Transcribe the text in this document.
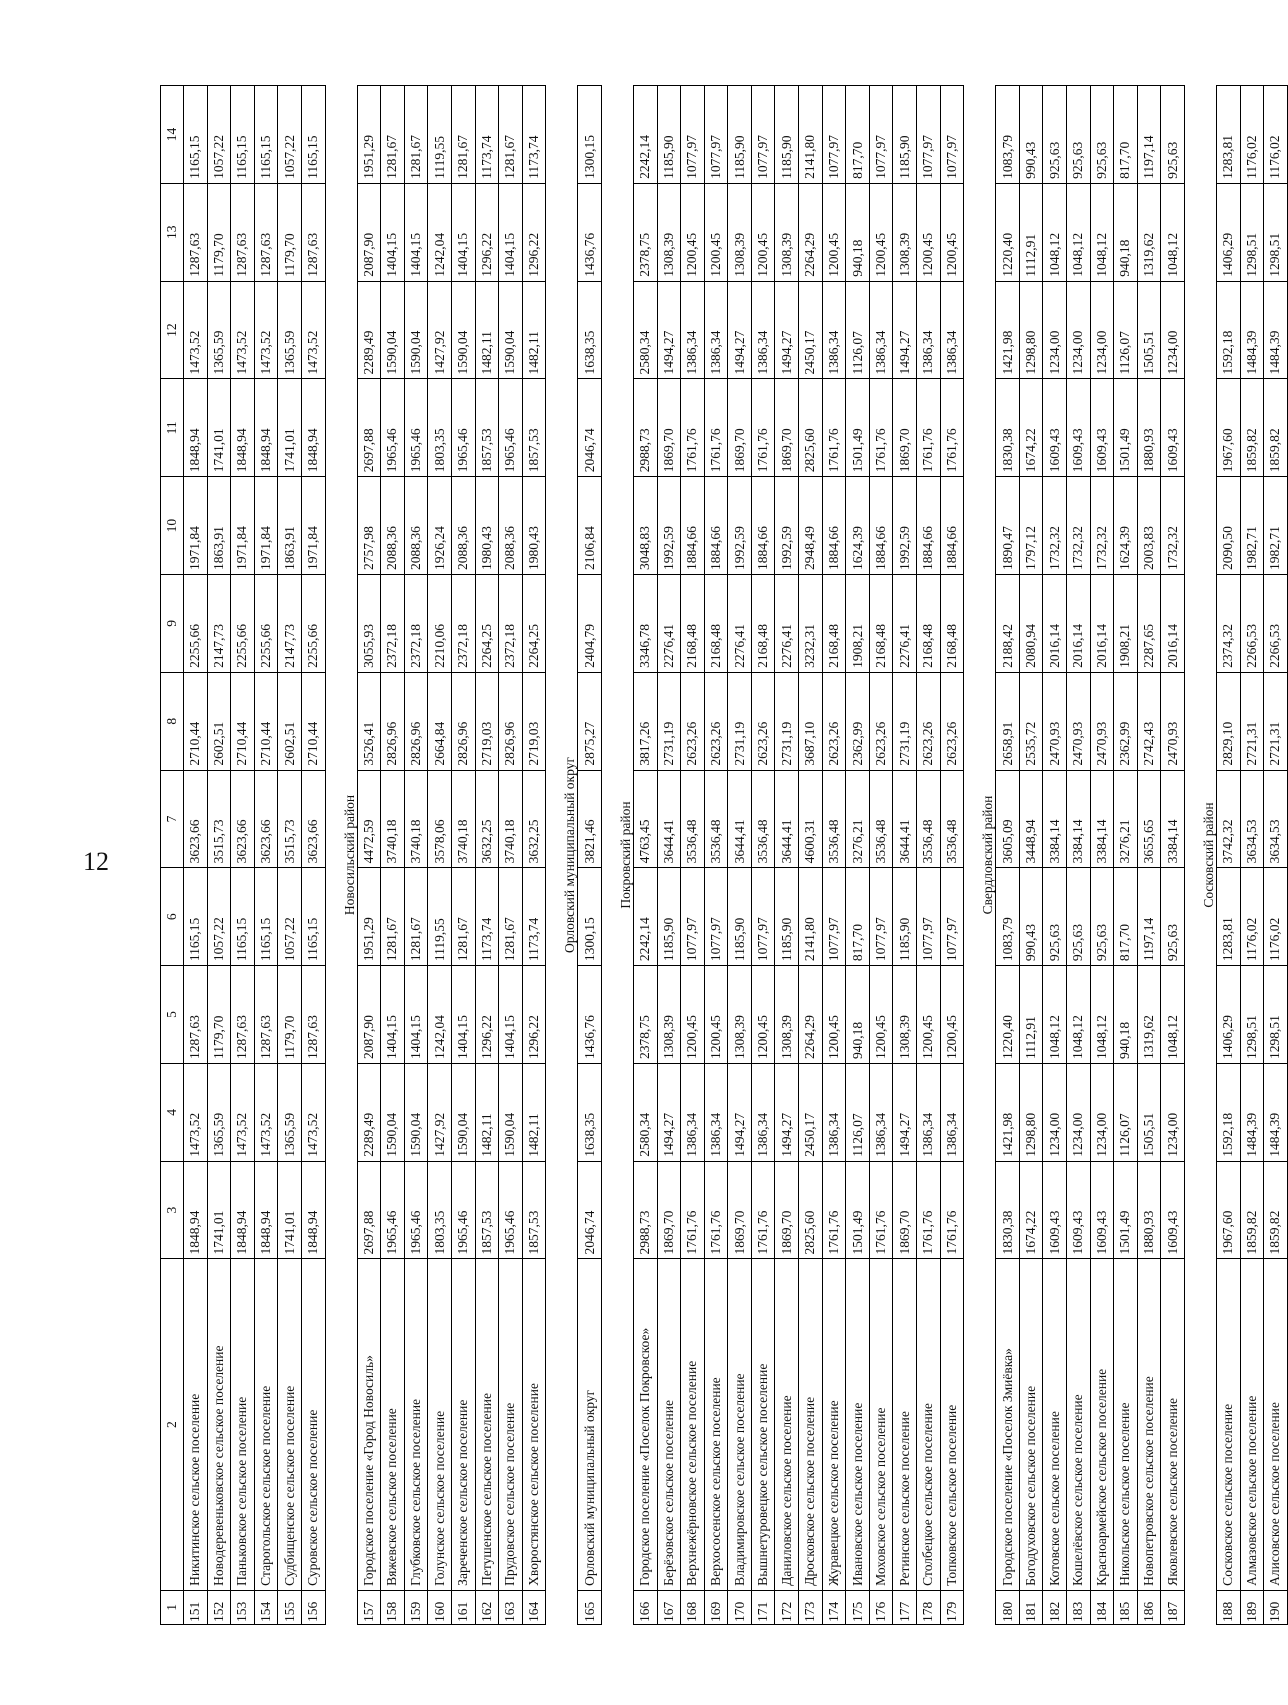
12
1	2	3	4	5	6	7	8	9	10	11	12	13	14
151	Никитинское сельское поселение	1848,94	1473,52	1287,63	1165,15	3623,66	2710,44	2255,66	1971,84	1848,94	1473,52	1287,63	1165,15
152	Новодеревеньковское сельское поселение	1741,01	1365,59	1179,70	1057,22	3515,73	2602,51	2147,73	1863,91	1741,01	1365,59	1179,70	1057,22
153	Паньковское сельское поселение	1848,94	1473,52	1287,63	1165,15	3623,66	2710,44	2255,66	1971,84	1848,94	1473,52	1287,63	1165,15
154	Старогольское сельское поселение	1848,94	1473,52	1287,63	1165,15	3623,66	2710,44	2255,66	1971,84	1848,94	1473,52	1287,63	1165,15
155	Судбищенское сельское поселение	1741,01	1365,59	1179,70	1057,22	3515,73	2602,51	2147,73	1863,91	1741,01	1365,59	1179,70	1057,22
156	Суровское сельское поселение	1848,94	1473,52	1287,63	1165,15	3623,66	2710,44	2255,66	1971,84	1848,94	1473,52	1287,63	1165,15
Новосильский район													
157	Городское поселение «Город Новосиль»	2697,88	2289,49	2087,90	1951,29	4472,59	3526,41	3055,93	2757,98	2697,88	2289,49	2087,90	1951,29
158	Вяжевское сельское поселение	1965,46	1590,04	1404,15	1281,67	3740,18	2826,96	2372,18	2088,36	1965,46	1590,04	1404,15	1281,67
159	Глубковское сельское поселение	1965,46	1590,04	1404,15	1281,67	3740,18	2826,96	2372,18	2088,36	1965,46	1590,04	1404,15	1281,67
160	Голунское сельское поселение	1803,35	1427,92	1242,04	1119,55	3578,06	2664,84	2210,06	1926,24	1803,35	1427,92	1242,04	1119,55
161	Зареченское сельское поселение	1965,46	1590,04	1404,15	1281,67	3740,18	2826,96	2372,18	2088,36	1965,46	1590,04	1404,15	1281,67
162	Петушенское сельское поселение	1857,53	1482,11	1296,22	1173,74	3632,25	2719,03	2264,25	1980,43	1857,53	1482,11	1296,22	1173,74
163	Прудовское сельское поселение	1965,46	1590,04	1404,15	1281,67	3740,18	2826,96	2372,18	2088,36	1965,46	1590,04	1404,15	1281,67
164	Хворостянское сельское поселение	1857,53	1482,11	1296,22	1173,74	3632,25	2719,03	2264,25	1980,43	1857,53	1482,11	1296,22	1173,74
Орловский муниципальный округ													
165	Орловский муниципальный округ	2046,74	1638,35	1436,76	1300,15	3821,46	2875,27	2404,79	2106,84	2046,74	1638,35	1436,76	1300,15
Покровский район													
166	Городское поселение «Поселок Покровское»	2988,73	2580,34	2378,75	2242,14	4763,45	3817,26	3346,78	3048,83	2988,73	2580,34	2378,75	2242,14
167	Берёзовское сельское поселение	1869,70	1494,27	1308,39	1185,90	3644,41	2731,19	2276,41	1992,59	1869,70	1494,27	1308,39	1185,90
168	Верхнежёрновское сельское поселение	1761,76	1386,34	1200,45	1077,97	3536,48	2623,26	2168,48	1884,66	1761,76	1386,34	1200,45	1077,97
169	Верхососенское сельское поселение	1761,76	1386,34	1200,45	1077,97	3536,48	2623,26	2168,48	1884,66	1761,76	1386,34	1200,45	1077,97
170	Владимировское сельское поселение	1869,70	1494,27	1308,39	1185,90	3644,41	2731,19	2276,41	1992,59	1869,70	1494,27	1308,39	1185,90
171	Вышнетуровецкое сельское поселение	1761,76	1386,34	1200,45	1077,97	3536,48	2623,26	2168,48	1884,66	1761,76	1386,34	1200,45	1077,97
172	Даниловское сельское поселение	1869,70	1494,27	1308,39	1185,90	3644,41	2731,19	2276,41	1992,59	1869,70	1494,27	1308,39	1185,90
173	Дросковское сельское поселение	2825,60	2450,17	2264,29	2141,80	4600,31	3687,10	3232,31	2948,49	2825,60	2450,17	2264,29	2141,80
174	Журавецкое сельское поселение	1761,76	1386,34	1200,45	1077,97	3536,48	2623,26	2168,48	1884,66	1761,76	1386,34	1200,45	1077,97
175	Ивановское сельское поселение	1501,49	1126,07	940,18	817,70	3276,21	2362,99	1908,21	1624,39	1501,49	1126,07	940,18	817,70
176	Моховское сельское поселение	1761,76	1386,34	1200,45	1077,97	3536,48	2623,26	2168,48	1884,66	1761,76	1386,34	1200,45	1077,97
177	Ретинское сельское поселение	1869,70	1494,27	1308,39	1185,90	3644,41	2731,19	2276,41	1992,59	1869,70	1494,27	1308,39	1185,90
178	Столбецкое сельское поселение	1761,76	1386,34	1200,45	1077,97	3536,48	2623,26	2168,48	1884,66	1761,76	1386,34	1200,45	1077,97
179	Топковское сельское поселение	1761,76	1386,34	1200,45	1077,97	3536,48	2623,26	2168,48	1884,66	1761,76	1386,34	1200,45	1077,97
Свердловский район													
180	Городское поселение «Поселок Змиёвка»	1830,38	1421,98	1220,40	1083,79	3605,09	2658,91	2188,42	1890,47	1830,38	1421,98	1220,40	1083,79
181	Богодуховское сельское поселение	1674,22	1298,80	1112,91	990,43	3448,94	2535,72	2080,94	1797,12	1674,22	1298,80	1112,91	990,43
182	Котовское сельское поселение	1609,43	1234,00	1048,12	925,63	3384,14	2470,93	2016,14	1732,32	1609,43	1234,00	1048,12	925,63
183	Кошелёвское сельское поселение	1609,43	1234,00	1048,12	925,63	3384,14	2470,93	2016,14	1732,32	1609,43	1234,00	1048,12	925,63
184	Красноармейское сельское поселение	1609,43	1234,00	1048,12	925,63	3384,14	2470,93	2016,14	1732,32	1609,43	1234,00	1048,12	925,63
185	Никольское сельское поселение	1501,49	1126,07	940,18	817,70	3276,21	2362,99	1908,21	1624,39	1501,49	1126,07	940,18	817,70
186	Новопетровское сельское поселение	1880,93	1505,51	1319,62	1197,14	3655,65	2742,43	2287,65	2003,83	1880,93	1505,51	1319,62	1197,14
187	Яковлевское сельское поселение	1609,43	1234,00	1048,12	925,63	3384,14	2470,93	2016,14	1732,32	1609,43	1234,00	1048,12	925,63
Сосковский район													
188	Сосковское сельское поселение	1967,60	1592,18	1406,29	1283,81	3742,32	2829,10	2374,32	2090,50	1967,60	1592,18	1406,29	1283,81
189	Алмазовское сельское поселение	1859,82	1484,39	1298,51	1176,02	3634,53	2721,31	2266,53	1982,71	1859,82	1484,39	1298,51	1176,02
190	Алисовское сельское поселение	1859,82	1484,39	1298,51	1176,02	3634,53	2721,31	2266,53	1982,71	1859,82	1484,39	1298,51	1176,02
